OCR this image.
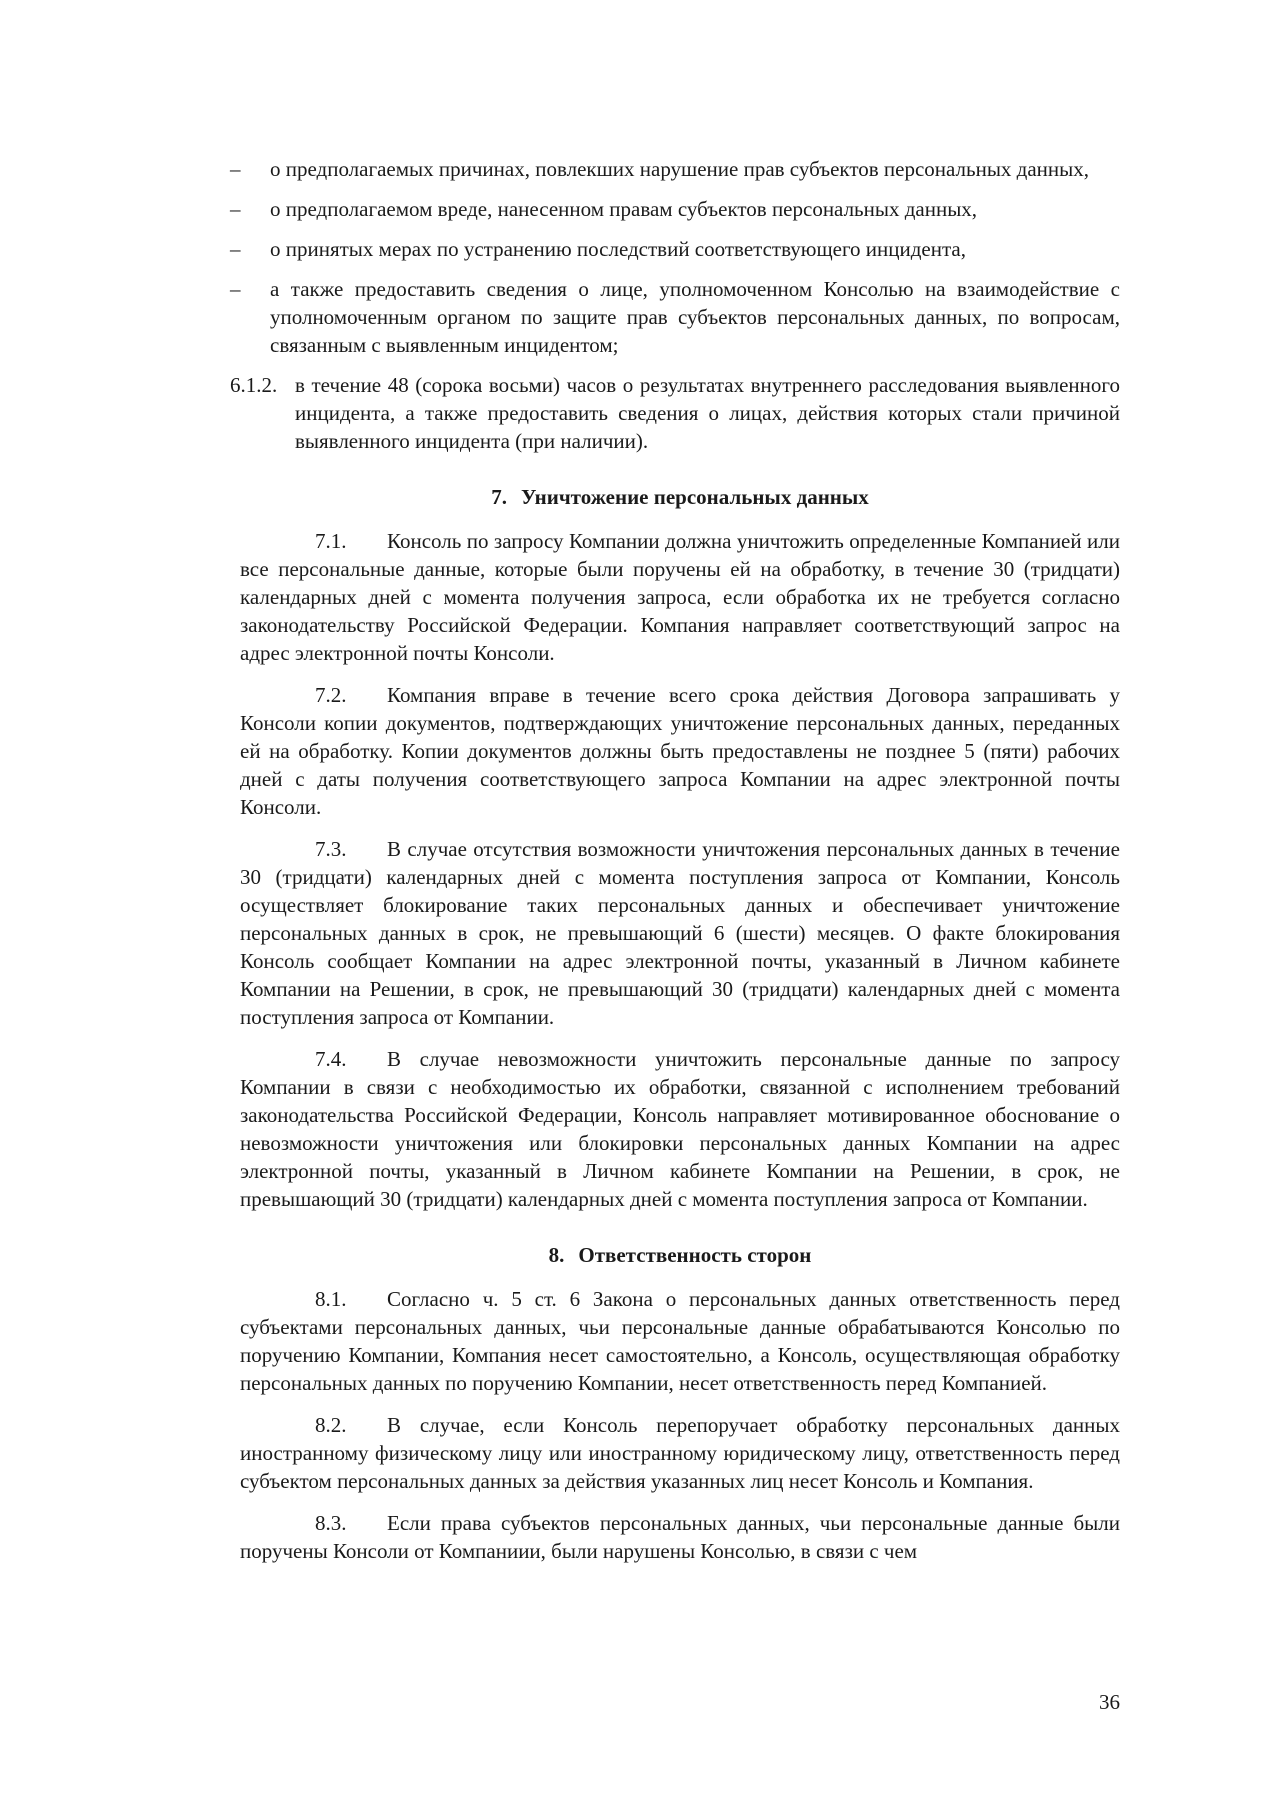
– о предполагаемых причинах, повлекших нарушение прав субъектов персональных данных,
– о предполагаемом вреде, нанесенном правам субъектов персональных данных,
– о принятых мерах по устранению последствий соответствующего инцидента,
– а также предоставить сведения о лице, уполномоченном Консолью на взаимодействие с уполномоченным органом по защите прав субъектов персональных данных, по вопросам, связанным с выявленным инцидентом;
6.1.2. в течение 48 (сорока восьми) часов о результатах внутреннего расследования выявленного инцидента, а также предоставить сведения о лицах, действия которых стали причиной выявленного инцидента (при наличии).
7. Уничтожение персональных данных

7.1. Консоль по запросу Компании должна уничтожить определенные Компанией или все персональные данные, которые были поручены ей на обработку, в течение 30 (тридцати) календарных дней с момента получения запроса, если обработка их не требуется согласно законодательству Российской Федерации. Компания направляет соответствующий запрос на адрес электронной почты Консоли.

7.2. Компания вправе в течение всего срока действия Договора запрашивать у Консоли копии документов, подтверждающих уничтожение персональных данных, переданных ей на обработку. Копии документов должны быть предоставлены не позднее 5 (пяти) рабочих дней с даты получения соответствующего запроса Компании на адрес электронной почты Консоли.

7.3. В случае отсутствия возможности уничтожения персональных данных в течение 30 (тридцати) календарных дней с момента поступления запроса от Компании, Консоль осуществляет блокирование таких персональных данных и обеспечивает уничтожение персональных данных в срок, не превышающий 6 (шести) месяцев. О факте блокирования Консоль сообщает Компании на адрес электронной почты, указанный в Личном кабинете Компании на Решении, в срок, не превышающий 30 (тридцати) календарных дней с момента поступления запроса от Компании.

7.4. В случае невозможности уничтожить персональные данные по запросу Компании в связи с необходимостью их обработки, связанной с исполнением требований законодательства Российской Федерации, Консоль направляет мотивированное обоснование о невозможности уничтожения или блокировки персональных данных Компании на адрес электронной почты, указанный в Личном кабинете Компании на Решении, в срок, не превышающий 30 (тридцати) календарных дней с момента поступления запроса от Компании.

8. Ответственность сторон

8.1. Согласно ч. 5 ст. 6 Закона о персональных данных ответственность перед субъектами персональных данных, чьи персональные данные обрабатываются Консолью по поручению Компании, Компания несет самостоятельно, а Консоль, осуществляющая обработку персональных данных по поручению Компании, несет ответственность перед Компанией.

8.2. В случае, если Консоль перепоручает обработку персональных данных иностранному физическому лицу или иностранному юридическому лицу, ответственность перед субъектом персональных данных за действия указанных лиц несет Консоль и Компания.

8.3. Если права субъектов персональных данных, чьи персональные данные были поручены Консоли от Компаниии, были нарушены Консолью, в связи с чем

36
